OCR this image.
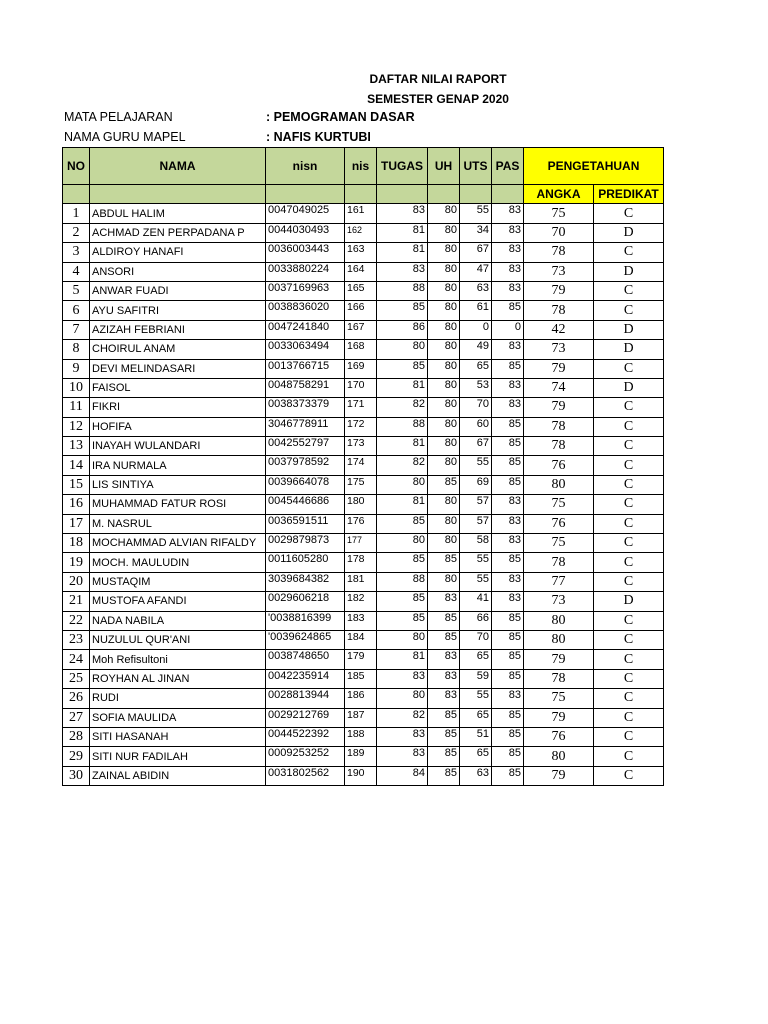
DAFTAR NILAI RAPORT
SEMESTER GENAP 2020
MATA PELAJARAN	: PEMOGRAMAN DASAR
NAMA GURU MAPEL	: NAFIS KURTUBI
NO	NAMA	nisn	nis	TUGAS	UH	UTS	PAS	PENGETAHUAN	
								ANGKA	PREDIKAT
1	ABDUL HALIM	0047049025	161	83	80	55	83	75	C
2	ACHMAD ZEN PERPADANA P	0044030493	162	81	80	34	83	70	D
3	ALDIROY HANAFI	0036003443	163	81	80	67	83	78	C
4	ANSORI	0033880224	164	83	80	47	83	73	D
5	ANWAR FUADI	0037169963	165	88	80	63	83	79	C
6	AYU SAFITRI	0038836020	166	85	80	61	85	78	C
7	AZIZAH FEBRIANI	0047241840	167	86	80	0	0	42	D
8	CHOIRUL ANAM	0033063494	168	80	80	49	83	73	D
9	DEVI MELINDASARI	0013766715	169	85	80	65	85	79	C
10	FAISOL	0048758291	170	81	80	53	83	74	D
11	FIKRI	0038373379	171	82	80	70	83	79	C
12	HOFIFA	3046778911	172	88	80	60	85	78	C
13	INAYAH WULANDARI	0042552797	173	81	80	67	85	78	C
14	IRA NURMALA	0037978592	174	82	80	55	85	76	C
15	LIS SINTIYA	0039664078	175	80	85	69	85	80	C
16	MUHAMMAD FATUR ROSI	0045446686	180	81	80	57	83	75	C
17	M. NASRUL	0036591511	176	85	80	57	83	76	C
18	MOCHAMMAD ALVIAN RIFALDY	0029879873	177	80	80	58	83	75	C
19	MOCH. MAULUDIN	0011605280	178	85	85	55	85	78	C
20	MUSTAQIM	3039684382	181	88	80	55	83	77	C
21	MUSTOFA AFANDI	0029606218	182	85	83	41	83	73	D
22	NADA NABILA	'0038816399	183	85	85	66	85	80	C
23	NUZULUL QUR'ANI	'0039624865	184	80	85	70	85	80	C
24	Moh Refisultoni	0038748650	179	81	83	65	85	79	C
25	ROYHAN AL JINAN	0042235914	185	83	83	59	85	78	C
26	RUDI	0028813944	186	80	83	55	83	75	C
27	SOFIA MAULIDA	0029212769	187	82	85	65	85	79	C
28	SITI HASANAH	0044522392	188	83	85	51	85	76	C
29	SITI NUR FADILAH	0009253252	189	83	85	65	85	80	C
30	ZAINAL ABIDIN	0031802562	190	84	85	63	85	79	C
